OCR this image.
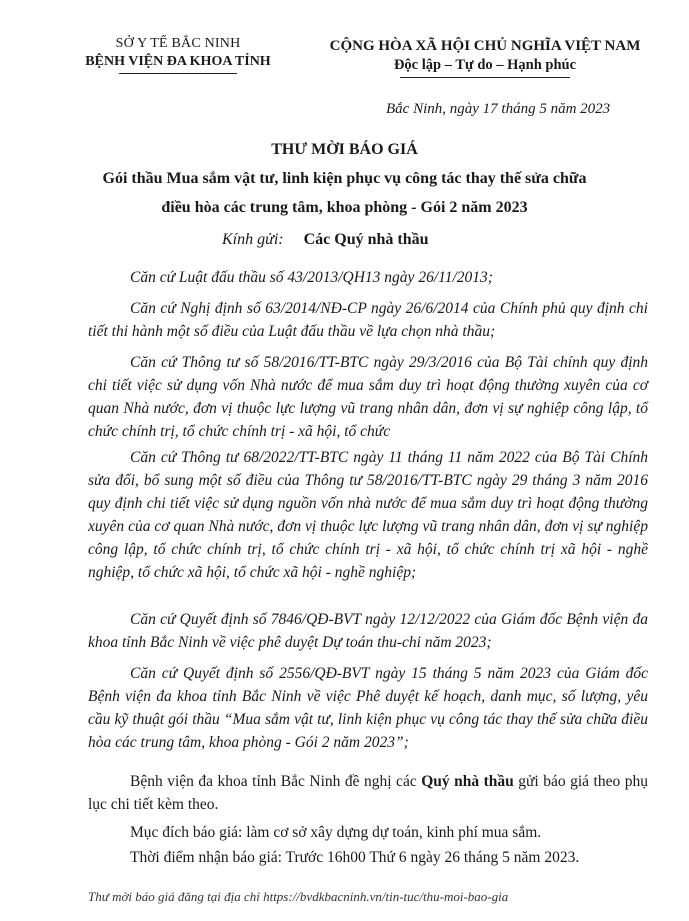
SỞ Y TẾ BẮC NINH
BỆNH VIỆN ĐA KHOA TỈNH
CỘNG HÒA XÃ HỘI CHỦ NGHĨA VIỆT NAM
Độc lập – Tự do – Hạnh phúc
Bắc Ninh, ngày 17 tháng 5 năm 2023
THƯ MỜI BÁO GIÁ
Gói thầu Mua sắm vật tư, linh kiện phục vụ công tác thay thế sửa chữa
điều hòa các trung tâm, khoa phòng - Gói 2 năm 2023
Kính gửi: Các Quý nhà thầu
Căn cứ Luật đấu thầu số 43/2013/QH13 ngày 26/11/2013;
Căn cứ Nghị định số 63/2014/NĐ-CP ngày 26/6/2014 của Chính phủ quy định chi tiết thi hành một số điều của Luật đấu thầu về lựa chọn nhà thầu;
Căn cứ Thông tư số 58/2016/TT-BTC ngày 29/3/2016 của Bộ Tài chính quy định chi tiết việc sử dụng vốn Nhà nước để mua sắm duy trì hoạt động thường xuyên của cơ quan Nhà nước, đơn vị thuộc lực lượng vũ trang nhân dân, đơn vị sự nghiệp công lập, tổ chức chính trị, tổ chức chính trị - xã hội, tổ chức
Căn cứ Thông tư 68/2022/TT-BTC ngày 11 tháng 11 năm 2022 của Bộ Tài Chính sửa đổi, bổ sung một số điều của Thông tư 58/2016/TT-BTC ngày 29 tháng 3 năm 2016 quy định chi tiết việc sử dụng nguồn vốn nhà nước để mua sắm duy trì hoạt động thường xuyên của cơ quan Nhà nước, đơn vị thuộc lực lượng vũ trang nhân dân, đơn vị sự nghiệp công lập, tổ chức chính trị, tổ chức chính trị - xã hội, tổ chức chính trị xã hội - nghề nghiệp, tổ chức xã hội, tổ chức xã hội - nghề nghiệp;
Căn cứ Quyết định số 7846/QĐ-BVT ngày 12/12/2022 của Giám đốc Bệnh viện đa khoa tỉnh Bắc Ninh về việc phê duyệt Dự toán thu-chi năm 2023;
Căn cứ Quyết định số 2556/QĐ-BVT ngày 15 tháng 5 năm 2023 của Giám đốc Bệnh viện đa khoa tỉnh Bắc Ninh về việc Phê duyệt kế hoạch, danh mục, số lượng, yêu cầu kỹ thuật gói thầu “Mua sắm vật tư, linh kiện phục vụ công tác thay thế sửa chữa điều hòa các trung tâm, khoa phòng - Gói 2 năm 2023”;
Bệnh viện đa khoa tỉnh Bắc Ninh đề nghị các Quý nhà thầu gửi báo giá theo phụ lục chi tiết kèm theo.
Mục đích báo giá: làm cơ sở xây dựng dự toán, kinh phí mua sắm.
Thời điểm nhận báo giá: Trước 16h00 Thứ 6 ngày 26 tháng 5 năm 2023.
Thư mời báo giá đăng tại địa chỉ https://bvdkbacninh.vn/tin-tuc/thu-moi-bao-gia
